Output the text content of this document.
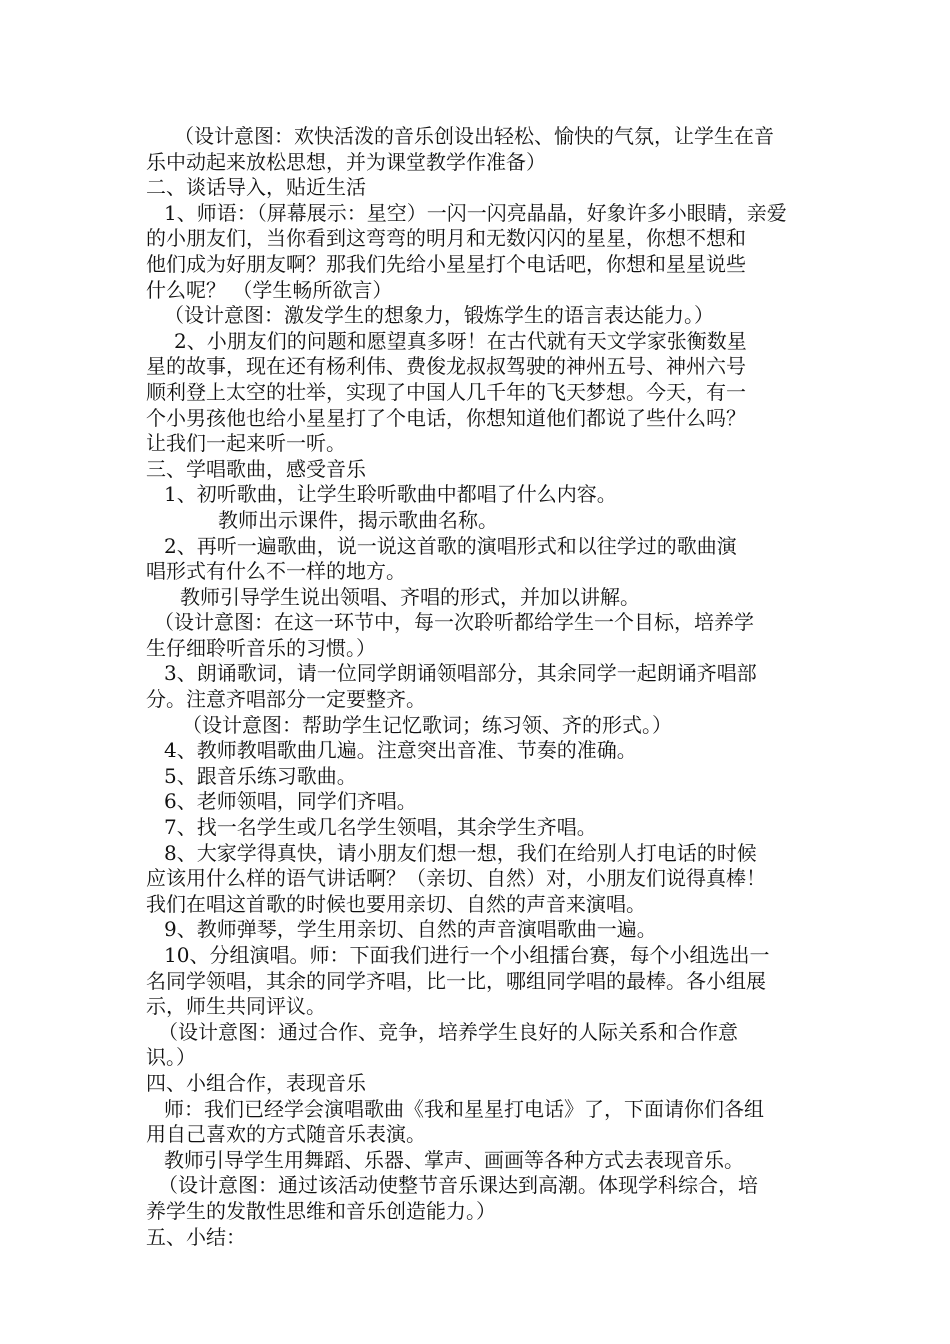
（设计意图：欢快活泼的音乐创设出轻松、愉快的气氛，让学生在音
乐中动起来放松思想，并为课堂教学作准备）
二、谈话导入，贴近生活
1、师语：（屏幕展示：星空）一闪一闪亮晶晶，好象许多小眼睛，亲爱
的小朋友们，当你看到这弯弯的明月和无数闪闪的星星，你想不想和
他们成为好朋友啊？那我们先给小星星打个电话吧，你想和星星说些
什么呢？ （学生畅所欲言）
（设计意图：激发学生的想象力，锻炼学生的语言表达能力。）
2、小朋友们的问题和愿望真多呀！在古代就有天文学家张衡数星
星的故事，现在还有杨利伟、费俊龙叔叔驾驶的神州五号、神州六号
顺利登上太空的壮举，实现了中国人几千年的飞天梦想。今天，有一
个小男孩他也给小星星打了个电话，你想知道他们都说了些什么吗？
让我们一起来听一听。
三、学唱歌曲，感受音乐
1、初听歌曲，让学生聆听歌曲中都唱了什么内容。
教师出示课件，揭示歌曲名称。
2、再听一遍歌曲，说一说这首歌的演唱形式和以往学过的歌曲演
唱形式有什么不一样的地方。
教师引导学生说出领唱、齐唱的形式，并加以讲解。
（设计意图：在这一环节中，每一次聆听都给学生一个目标，培养学
生仔细聆听音乐的习惯。）
3、朗诵歌词，请一位同学朗诵领唱部分，其余同学一起朗诵齐唱部
分。注意齐唱部分一定要整齐。
（设计意图：帮助学生记忆歌词；练习领、齐的形式。）
4、教师教唱歌曲几遍。注意突出音准、节奏的准确。
5、跟音乐练习歌曲。
6、老师领唱，同学们齐唱。
7、找一名学生或几名学生领唱，其余学生齐唱。
8、大家学得真快，请小朋友们想一想，我们在给别人打电话的时候
应该用什么样的语气讲话啊？（亲切、自然）对，小朋友们说得真棒！
我们在唱这首歌的时候也要用亲切、自然的声音来演唱。
9、教师弹琴，学生用亲切、自然的声音演唱歌曲一遍。
10、分组演唱。师：下面我们进行一个小组擂台赛，每个小组选出一
名同学领唱，其余的同学齐唱，比一比，哪组同学唱的最棒。各小组展
示，师生共同评议。
（设计意图：通过合作、竞争，培养学生良好的人际关系和合作意
识。）
四、小组合作，表现音乐
师：我们已经学会演唱歌曲《我和星星打电话》了，下面请你们各组
用自己喜欢的方式随音乐表演。
教师引导学生用舞蹈、乐器、掌声、画画等各种方式去表现音乐。
（设计意图：通过该活动使整节音乐课达到高潮。体现学科综合，培
养学生的发散性思维和音乐创造能力。）
五、小结：
